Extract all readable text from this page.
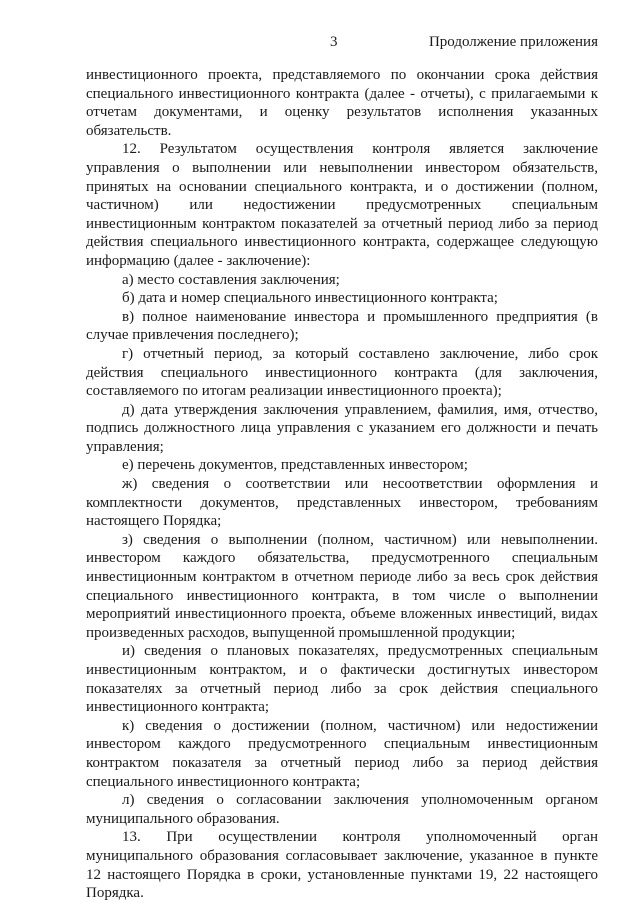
3	Продолжение приложения

инвестиционного проекта, представляемого по окончании срока действия специального инвестиционного контракта (далее - отчеты), с прилагаемыми к отчетам документами, и оценку результатов исполнения указанных обязательств.

12. Результатом осуществления контроля является заключение управления о выполнении или невыполнении инвестором обязательств, принятых на основании специального контракта, и о достижении (полном, частичном) или недостижении предусмотренных специальным инвестиционным контрактом показателей за отчетный период либо за период действия специального инвестиционного контракта, содержащее следующую информацию (далее - заключение):

а) место составления заключения;

б) дата и номер специального инвестиционного контракта;

в) полное наименование инвестора и промышленного предприятия (в случае привлечения последнего);

г) отчетный период, за который составлено заключение, либо срок действия специального инвестиционного контракта (для заключения, составляемого по итогам реализации инвестиционного проекта);

д) дата утверждения заключения управлением, фамилия, имя, отчество, подпись должностного лица управления с указанием его должности и печать управления;

е) перечень документов, представленных инвестором;

ж) сведения о соответствии или несоответствии оформления и комплектности документов, представленных инвестором, требованиям настоящего Порядка;

з) сведения о выполнении (полном, частичном) или невыполнении. инвестором каждого обязательства, предусмотренного специальным инвестиционным контрактом в отчетном периоде либо за весь срок действия специального инвестиционного контракта, в том числе о выполнении мероприятий инвестиционного проекта, объеме вложенных инвестиций, видах произведенных расходов, выпущенной промышленной продукции;

и) сведения о плановых показателях, предусмотренных специальным инвестиционным контрактом, и о фактически достигнутых инвестором показателях за отчетный период либо за срок действия специального инвестиционного контракта;

к) сведения о достижении (полном, частичном) или недостижении инвестором каждого предусмотренного специальным инвестиционным контрактом показателя за отчетный период либо за период действия специального инвестиционного контракта;

л) сведения о согласовании заключения уполномоченным органом муниципального образования.

13. При осуществлении контроля уполномоченный орган муниципального образования согласовывает заключение, указанное в пункте 12 настоящего Порядка в сроки, установленные пунктами 19, 22 настоящего Порядка.
